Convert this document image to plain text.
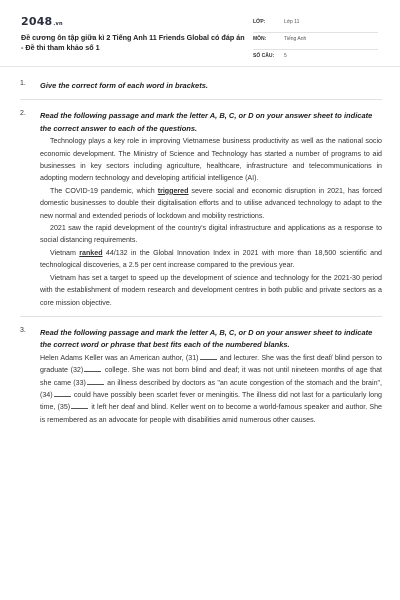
2048.vn
Đề cương ôn tập giữa kì 2 Tiếng Anh 11 Friends Global có đáp án - Đề thi tham khảo số 1
LỚP:	Lớp 11
MÔN:	Tiếng Anh
SỐ CÂU: 5
1. Give the correct form of each word in brackets.
2. Read the following passage and mark the letter A, B, C, or D on your answer sheet to indicate the correct answer to each of the questions.
Technology plays a key role in improving Vietnamese business productivity as well as the national socio economic development. The Ministry of Science and Technology has started a number of programs to aid businesses in key sectors including agriculture, healthcare, infrastructure and telecommunications in adopting modern technology and developing artificial intelligence (AI).
The COVID-19 pandemic, which triggered severe social and economic disruption in 2021, has forced domestic businesses to double their digitalisation efforts and to utilise advanced technology to adapt to the new normal and extended periods of lockdown and mobility restrictions.
2021 saw the rapid development of the country's digital infrastructure and applications as a response to social distancing requirements.
Vietnam ranked 44/132 in the Global Innovation Index in 2021 with more than 18,500 scientific and technological discoveries, a 2.5 per cent increase compared to the previous year.
Vietnam has set a target to speed up the development of science and technology for the 2021-30 period with the establishment of modern research and development centres in both public and private sectors as a core mission objective.
3. Read the following passage and mark the letter A, B, C, or D on your answer sheet to indicate the correct word or phrase that best fits each of the numbered blanks.
Helen Adams Keller was an American author, (31)	and lecturer. She was the first deaf/ blind person to graduate (32)	college. She was not born blind and deaf; it was not until nineteen months of age that she came (33)	an illness described by doctors as "an acute congestion of the stomach and the brain", (34)	could have possibly been scarlet fever or meningitis. The illness did not last for a particularly long time, (35)	it left her deaf and blind. Keller went on to become a world-famous speaker and author. She is remembered as an advocate for people with disabilities amid numerous other causes.
